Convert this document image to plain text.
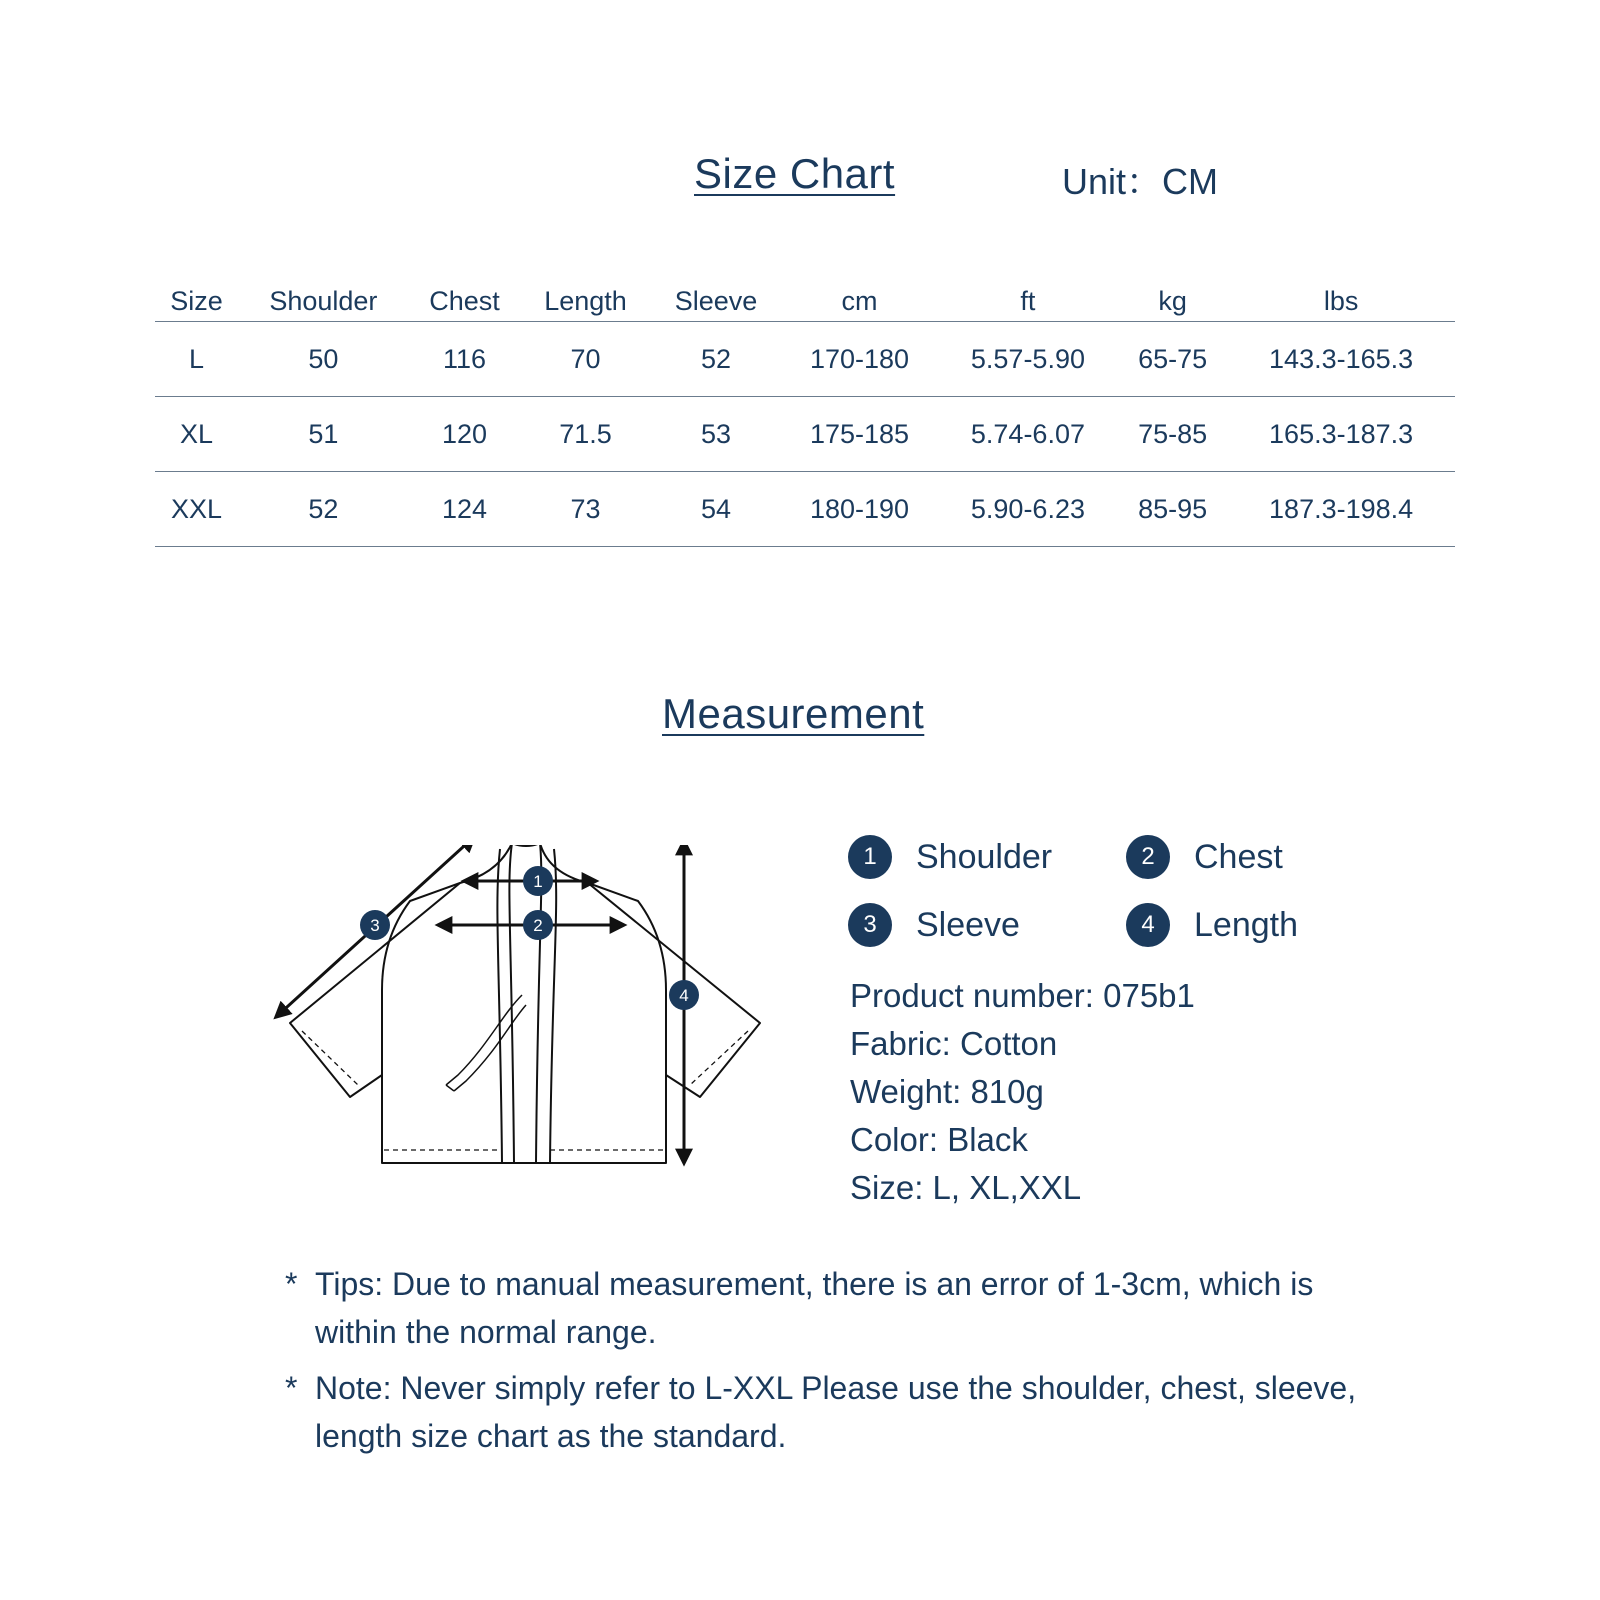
Size Chart	Unit：CM
Size	Shoulder	Chest	Length	Sleeve	cm	ft	kg	lbs
L	50	116	70	52	170-180	5.57-5.90	65-75	143.3-165.3
XL	51	120	71.5	53	175-185	5.74-6.07	75-85	165.3-187.3
XXL	52	124	73	54	180-190	5.90-6.23	85-95	187.3-198.4
Measurement
1
2
3
4
1	Shoulder	2	Chest
3	Sleeve	4	Length
Product number: 075b1
Fabric: Cotton
Weight: 810g
Color: Black
Size: L, XL,XXL
* Tips: Due to manual measurement, there is an error of 1-3cm, which is within the normal range.
* Note: Never simply refer to L-XXL Please use the shoulder, chest, sleeve, length size chart as the standard.
